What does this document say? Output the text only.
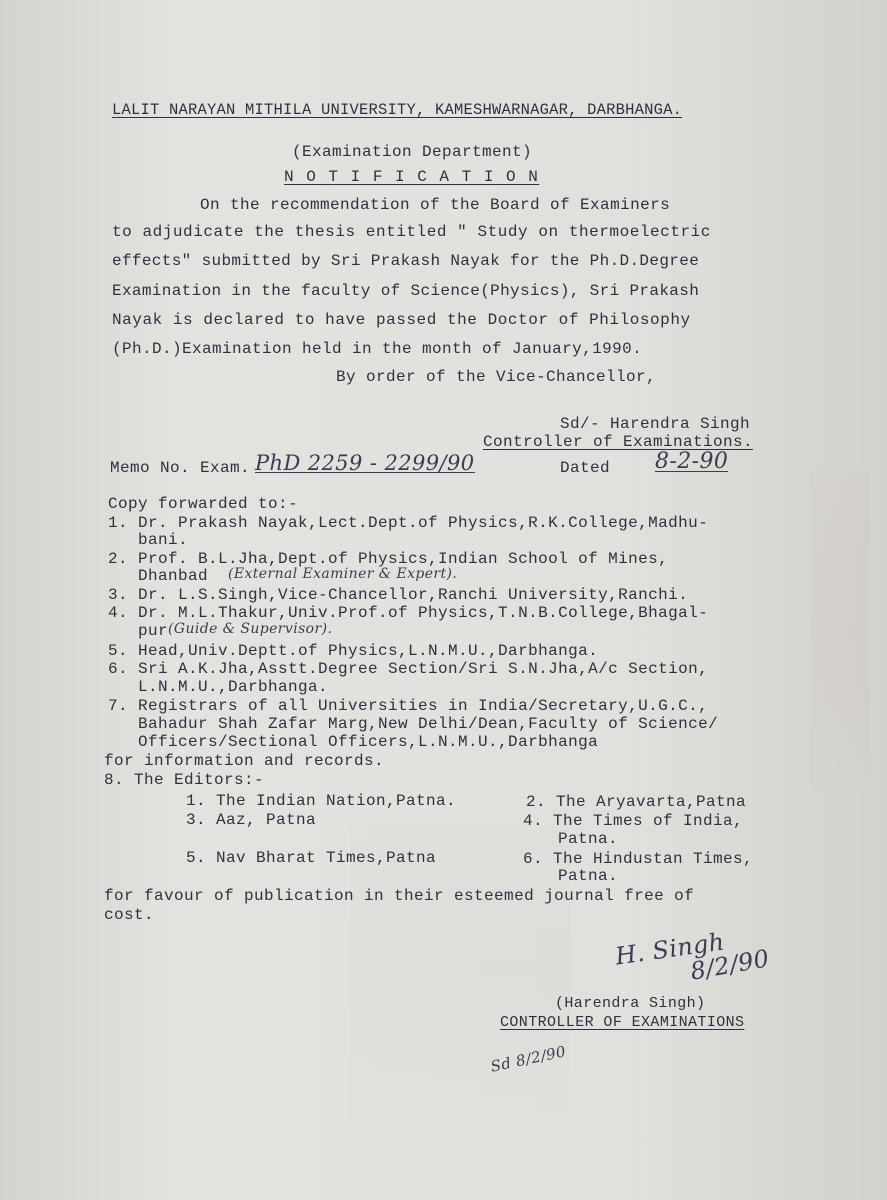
LALIT NARAYAN MITHILA UNIVERSITY, KAMESHWARNAGAR, DARBHANGA.
(Examination Department)
N O T I F I C A T I O N
On the recommendation of the Board of Examiners
to adjudicate the thesis entitled " Study on thermoelectric
effects" submitted by Sri Prakash Nayak for the Ph.D.Degree
Examination in the faculty of Science(Physics), Sri Prakash
Nayak is declared to have passed the Doctor of Philosophy
(Ph.D.)Examination held in the month of January,1990.
By order of the Vice-Chancellor,
Sd/- Harendra Singh
Controller of Examinations.
Memo No. Exam. PhD 2259 - 2299/90	Dated 8-2-90
Copy forwarded to:-
1. Dr. Prakash Nayak,Lect.Dept.of Physics,R.K.College,Madhu-
bani.
2. Prof. B.L.Jha,Dept.of Physics,Indian School of Mines,
Dhanbad (External Examiner & Expert).
3. Dr. L.S.Singh,Vice-Chancellor,Ranchi University,Ranchi.
4. Dr. M.L.Thakur,Univ.Prof.of Physics,T.N.B.College,Bhagal-
pur (Guide & Supervisor).
5. Head,Univ.Deptt.of Physics,L.N.M.U.,Darbhanga.
6. Sri A.K.Jha,Asstt.Degree Section/Sri S.N.Jha,A/c Section,
L.N.M.U.,Darbhanga.
7. Registrars of all Universities in India/Secretary,U.G.C.,
Bahadur Shah Zafar Marg,New Delhi/Dean,Faculty of Science/
Officers/Sectional Officers,L.N.M.U.,Darbhanga
for information and records.
8. The Editors:-
1. The Indian Nation,Patna.	2. The Aryavarta,Patna
3. Aaz, Patna	4. The Times of India,
Patna.
5. Nav Bharat Times,Patna	6. The Hindustan Times,
Patna.
for favour of publication in their esteemed journal free of
cost.
H. Singh
8/2/90
(Harendra Singh)
CONTROLLER OF EXAMINATIONS
Sd 8/2/90
